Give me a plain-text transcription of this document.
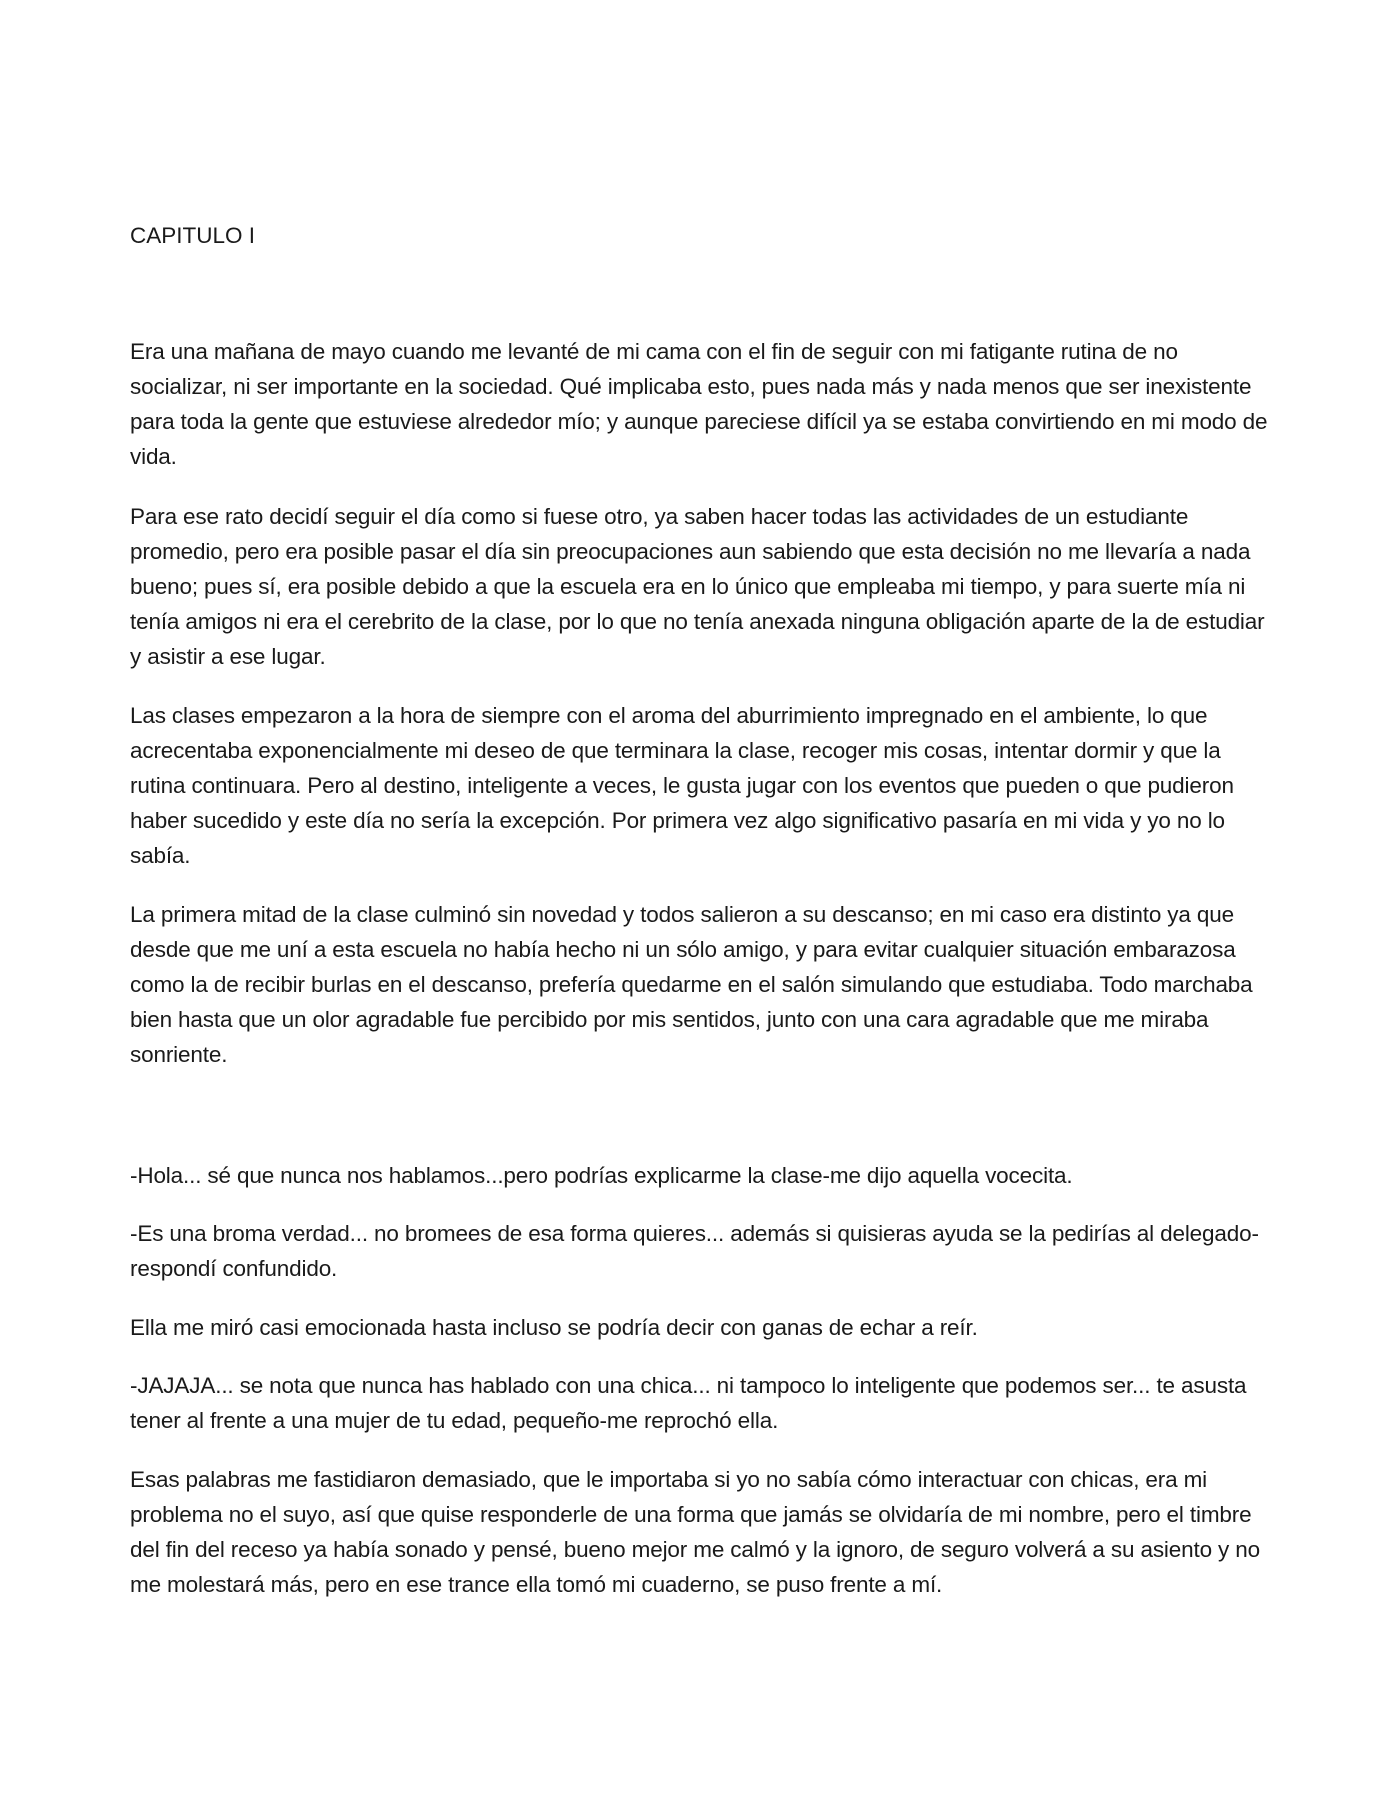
CAPITULO I

Era una mañana de mayo cuando me levanté de mi cama con el fin de seguir con mi fatigante rutina de no socializar, ni ser importante en la sociedad. Qué implicaba esto, pues nada más y nada menos que ser inexistente para toda la gente que estuviese alrededor mío; y aunque pareciese difícil ya se estaba convirtiendo en mi modo de vida.

Para ese rato decidí seguir el día como si fuese otro, ya saben hacer todas las actividades de un estudiante promedio, pero era posible pasar el día sin preocupaciones aun sabiendo que esta decisión no me llevaría a nada bueno; pues sí, era posible debido a que la escuela era en lo único que empleaba mi tiempo, y para suerte mía ni tenía amigos ni era el cerebrito de la clase, por lo que no tenía anexada ninguna obligación aparte de la de estudiar y asistir a ese lugar.

Las clases empezaron a la hora de siempre con el aroma del aburrimiento impregnado en el ambiente, lo que acrecentaba exponencialmente mi deseo de que terminara la clase, recoger mis cosas, intentar dormir y que la rutina continuara. Pero al destino, inteligente a veces, le gusta jugar con los eventos que pueden o que pudieron haber sucedido y este día no sería la excepción. Por primera vez algo significativo pasaría en mi vida y yo no lo sabía.

La primera mitad de la clase culminó sin novedad y todos salieron a su descanso; en mi caso era distinto ya que desde que me uní a esta escuela no había hecho ni un sólo amigo, y para evitar cualquier situación embarazosa como la de recibir burlas en el descanso, prefería quedarme en el salón simulando que estudiaba. Todo marchaba bien hasta que un olor agradable fue percibido por mis sentidos, junto con una cara agradable que me miraba sonriente.

-Hola... sé que nunca nos hablamos...pero podrías explicarme la clase-me dijo aquella vocecita.

-Es una broma verdad... no bromees de esa forma quieres... además si quisieras ayuda se la pedirías al delegado-respondí confundido.

Ella me miró casi emocionada hasta incluso se podría decir con ganas de echar a reír.

-JAJAJA... se nota que nunca has hablado con una chica... ni tampoco lo inteligente que podemos ser... te asusta tener al frente a una mujer de tu edad, pequeño-me reprochó ella.

Esas palabras me fastidiaron demasiado, que le importaba si yo no sabía cómo interactuar con chicas, era mi problema no el suyo, así que quise responderle de una forma que jamás se olvidaría de mi nombre, pero el timbre del fin del receso ya había sonado y pensé, bueno mejor me calmó y la ignoro, de seguro volverá a su asiento y no me molestará más, pero en ese trance ella tomó mi cuaderno, se puso frente a mí.
